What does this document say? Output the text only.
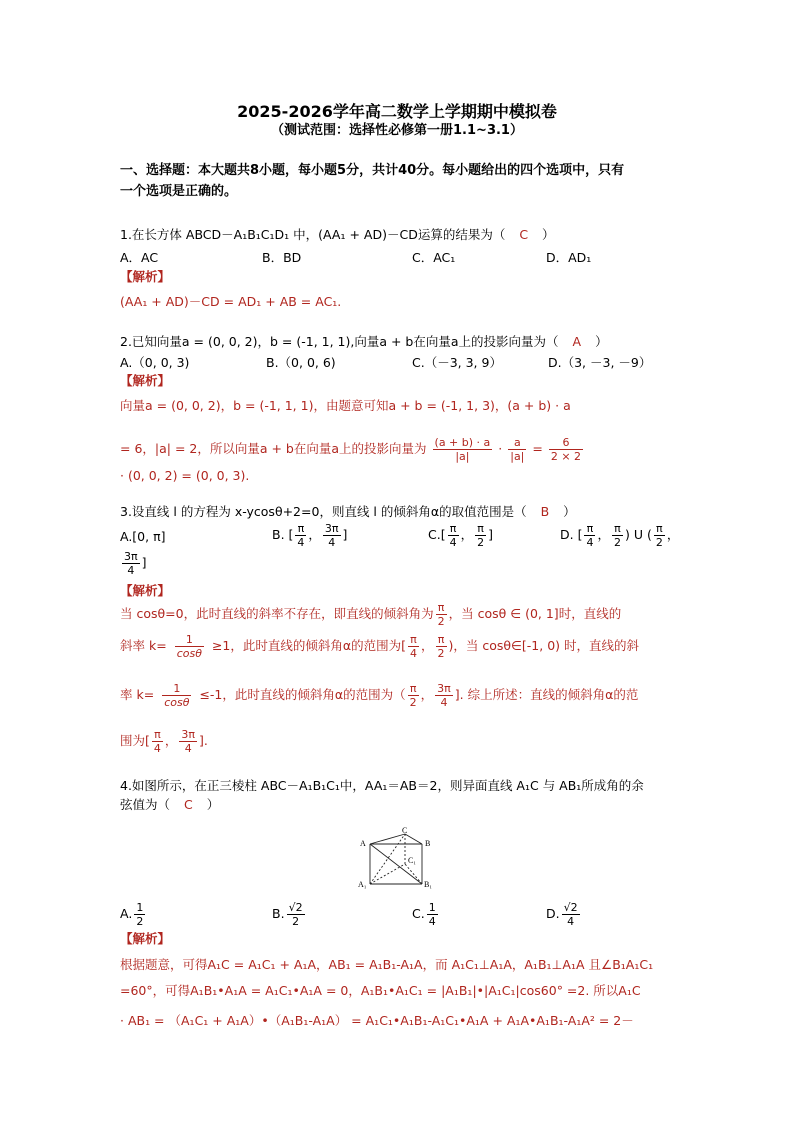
2025-2026学年高二数学上学期期中模拟卷
（测试范围：选择性必修第一册1.1~3.1）
一、选择题：本大题共8小题，每小题5分，共计40分。每小题给出的四个选项中，只有
一个选项是正确的。
1.在长方体 ABCD－A₁B₁C₁D₁ 中，(AA₁ + AD)－CD运算的结果为（ C ）
A．AC	B．BD	C．AC₁	D．AD₁
【解析】
(AA₁ + AD)－CD = AD₁ + AB = AC₁.
2.已知向量a = (0, 0, 2)，b = (-1, 1, 1),向量a + b在向量a上的投影向量为（ A ）
A.（0, 0, 3)	B.（0, 0, 6)	C.（－3, 3, 9）	D.（3, －3, －9）
【解析】
向量a = (0, 0, 2)，b = (-1, 1, 1)，由题意可知a + b = (-1, 1, 3)，(a + b) · a
= 6，|a| = 2，所以向量a + b在向量a上的投影向量为 $\frac{(a + b) \cdot a}{|a|} \cdot \frac{a}{|a|} = \frac{6}{2 \times 2}$
· (0, 0, 2) = (0, 0, 3).
3.设直线 l 的方程为 x-ycosθ+2=0，则直线 l 的倾斜角α的取值范围是（ B ）
A.[0, π]	B. [ $\frac{\pi}{4}$ ， $\frac{3\pi}{4}$ ]	$C.[ \frac{\pi}{4}$ ， $\frac{\pi}{2}$ ]	D. [ $\frac{\pi}{4}$ ， $\frac{\pi}{2}$ ) U ( $\frac{\pi}{2}$ ，
$\frac{3\pi}{4}$ ]
【解析】
当 cosθ=0，此时直线的斜率不存在，即直线的倾斜角为 $\frac{\pi}{2}$ ，当 cosθ ∈ (0, 1]时，直线的
斜率 $k= \frac{1}{\cos\theta} \ge 1$，此时直线的倾斜角α的范围为[ $\frac{\pi}{4}$ ， $\frac{\pi}{2}$ )，当 cosθ∈[-1, 0) 时，直线的斜
率 $k= \frac{1}{\cos\theta} \le-1$，此时直线的倾斜角α的范围为（ $\frac{\pi}{2}$ ， $\frac{3\pi}{4}$ ]. 综上所述：直线的倾斜角α的范
围为[ $\frac{\pi}{4}$ ， $\frac{3\pi}{4}$ ].
4.如图所示，在正三棱柱 ABC－A₁B₁C₁中，AA₁＝AB＝2，则异面直线 A₁C 与 AB₁所成角的余
弦值为（ C ）
C
A	B
C₁
A₁	B₁
A. $\frac{1}{2}$	B. $\frac{√2}{2}$	C. $\frac{1}{4}$	D. $\frac{√2}{4}$
【解析】
根据题意，可得A₁C = A₁C₁ + A₁A，AB₁ = A₁B₁-A₁A，而 A₁C₁⊥A₁A，A₁B₁⊥A₁A 且∠B₁A₁C₁
=60°，可得A₁B₁•A₁A = A₁C₁•A₁A = 0，A₁B₁•A₁C₁ = |A₁B₁|•|A₁C₁|cos60° =2. 所以A₁C
· AB₁ = （A₁C₁ + A₁A）•（A₁B₁-A₁A） = A₁C₁•A₁B₁-A₁C₁•A₁A + A₁A•A₁B₁-A₁A² = 2－
